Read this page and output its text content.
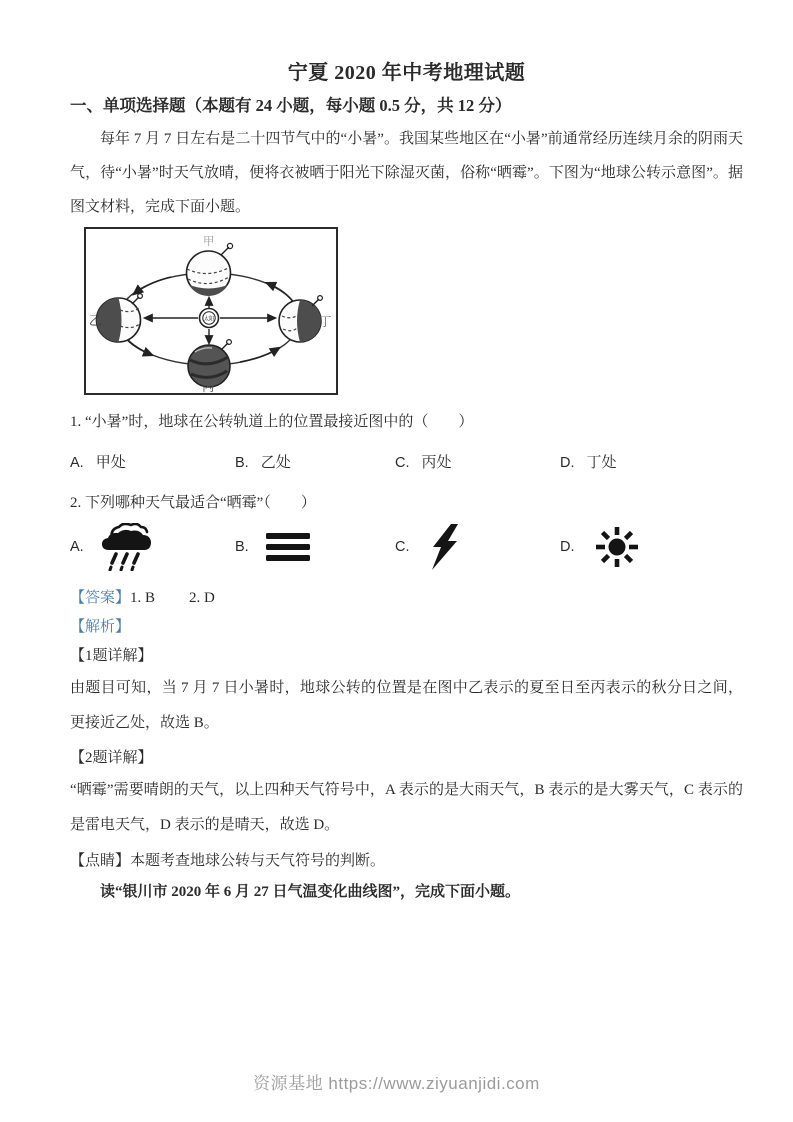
宁夏 2020 年中考地理试题
一、单项选择题（本题有 24 小题，每小题 0.5 分，共 12 分）

每年 7 月 7 日左右是二十四节气中的“小暑”。我国某些地区在“小暑”前通常经历连续月余的阴雨天气，待“小暑”时天气放晴，便将衣被晒于阳光下除湿灭菌，俗称“晒霉”。下图为“地球公转示意图”。据图文材料，完成下面小题。

太阳
甲
乙
丙
丁

1. “小暑”时，地球在公转轨道上的位置最接近图中的（　　）

A. 甲处	B. 乙处	C. 丙处	D. 丁处

2. 下列哪种天气最适合“晒霉”（　　）

A.	B.	C.	D.

【答案】1. B 2. D

【解析】

【1题详解】

由题目可知，当 7 月 7 日小暑时，地球公转的位置是在图中乙表示的夏至日至丙表示的秋分日之间，更接近乙处，故选 B。

【2题详解】

“晒霉”需要晴朗的天气，以上四种天气符号中，A 表示的是大雨天气，B 表示的是大雾天气，C 表示的是雷电天气，D 表示的是晴天，故选 D。

【点睛】本题考查地球公转与天气符号的判断。

读“银川市 2020 年 6 月 27 日气温变化曲线图”，完成下面小题。

资源基地 https://www.ziyuanjidi.com
